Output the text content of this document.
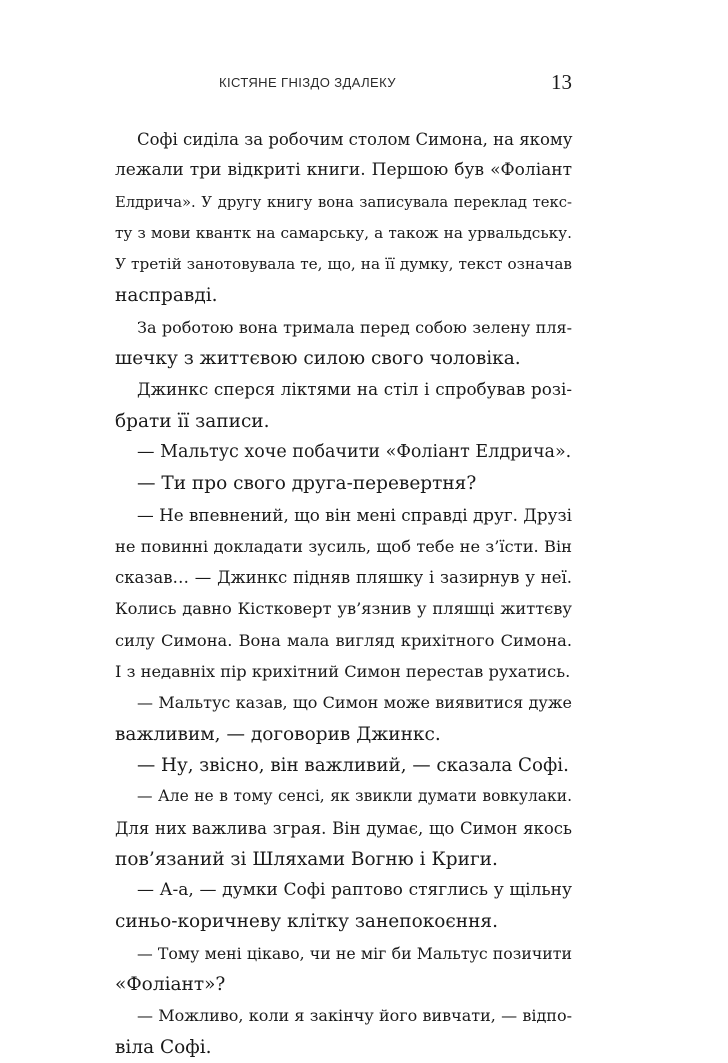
КІСТЯНЕ ГНІЗДО ЗДАЛЕКУ	13
Софі сиділа за робочим столом Симона, на якому
лежали три відкриті книги. Першою був «Фоліант
Елдрича». У другу книгу вона записувала переклад текс-
ту з мови квантк на самарську, а також на урвальдську.
У третій занотовувала те, що, на її думку, текст означав
насправді.
За роботою вона тримала перед собою зелену пля-
шечку з життєвою силою свого чоловіка.
Джинкс сперся ліктями на стіл і спробував розі-
брати її записи.
— Мальтус хоче побачити «Фоліант Елдрича».
— Ти про свого друга-перевертня?
— Не впевнений, що він мені справді друг. Друзі
не повинні докладати зусиль, щоб тебе не з’їсти. Він
сказав… — Джинкс підняв пляшку і зазирнув у неї.
Колись давно Кістковерт ув’язнив у пляшці життєву
силу Симона. Вона мала вигляд крихітного Симона.
І з недавніх пір крихітний Симон перестав рухатись.
— Мальтус казав, що Симон може виявитися дуже
важливим, — договорив Джинкс.
— Ну, звісно, він важливий, — сказала Софі.
— Але не в тому сенсі, як звикли думати вовкулаки.
Для них важлива зграя. Він думає, що Симон якось
пов’язаний зі Шляхами Вогню і Криги.
— А-а, — думки Софі раптово стяглись у щільну
синьо-коричневу клітку занепокоєння.
— Тому мені цікаво, чи не міг би Мальтус позичити
«Фоліант»?
— Можливо, коли я закінчу його вивчати, — відпо-
віла Софі.
